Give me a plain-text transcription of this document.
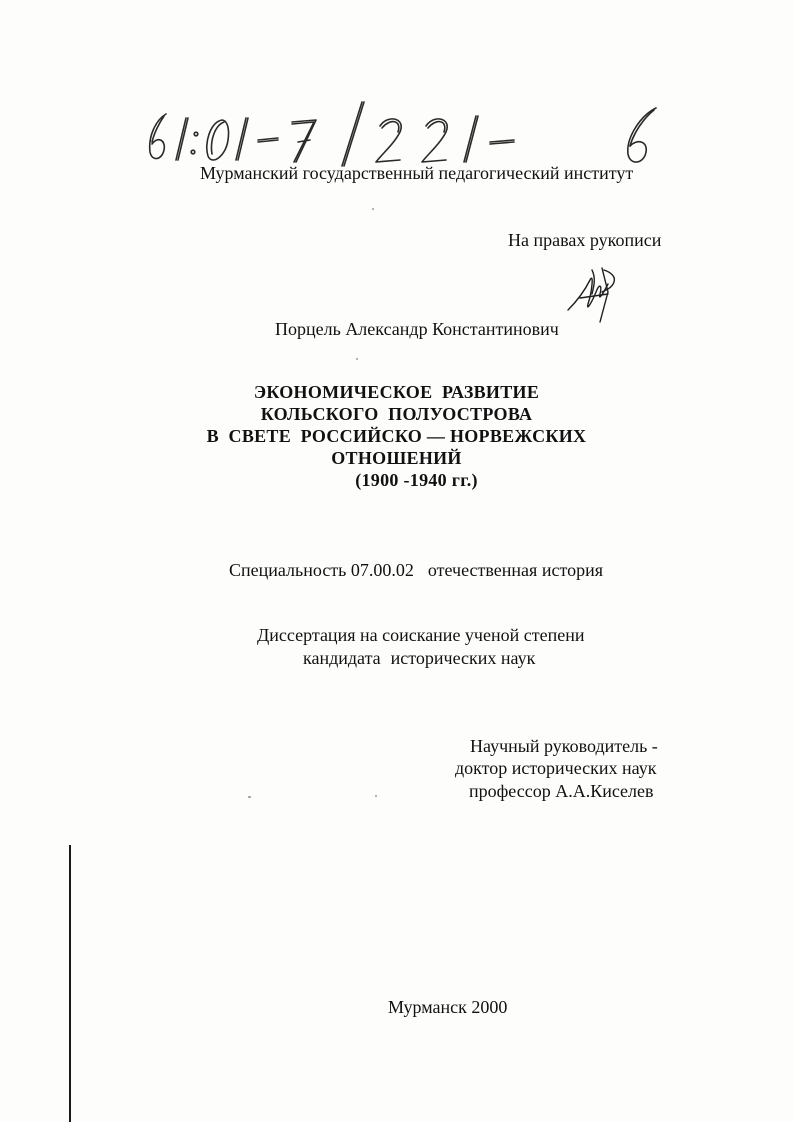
Мурманский государственный педагогический институт
На правах рукописи
Порцель Александр Константинович
ЭКОНОМИЧЕСКОЕ  РАЗВИТИЕ
КОЛЬСКОГО  ПОЛУОСТРОВА
В  СВЕТЕ  РОССИЙСКО — НОРВЕЖСКИХ
ОТНОШЕНИЙ
(1900 -1940 гг.)
Специальность 07.00.02 отечественная история
Диссертация на соискание ученой степени
кандидата исторических наук
Научный руководитель -
доктор исторических наук
профессор А.А.Киселев
Мурманск 2000
